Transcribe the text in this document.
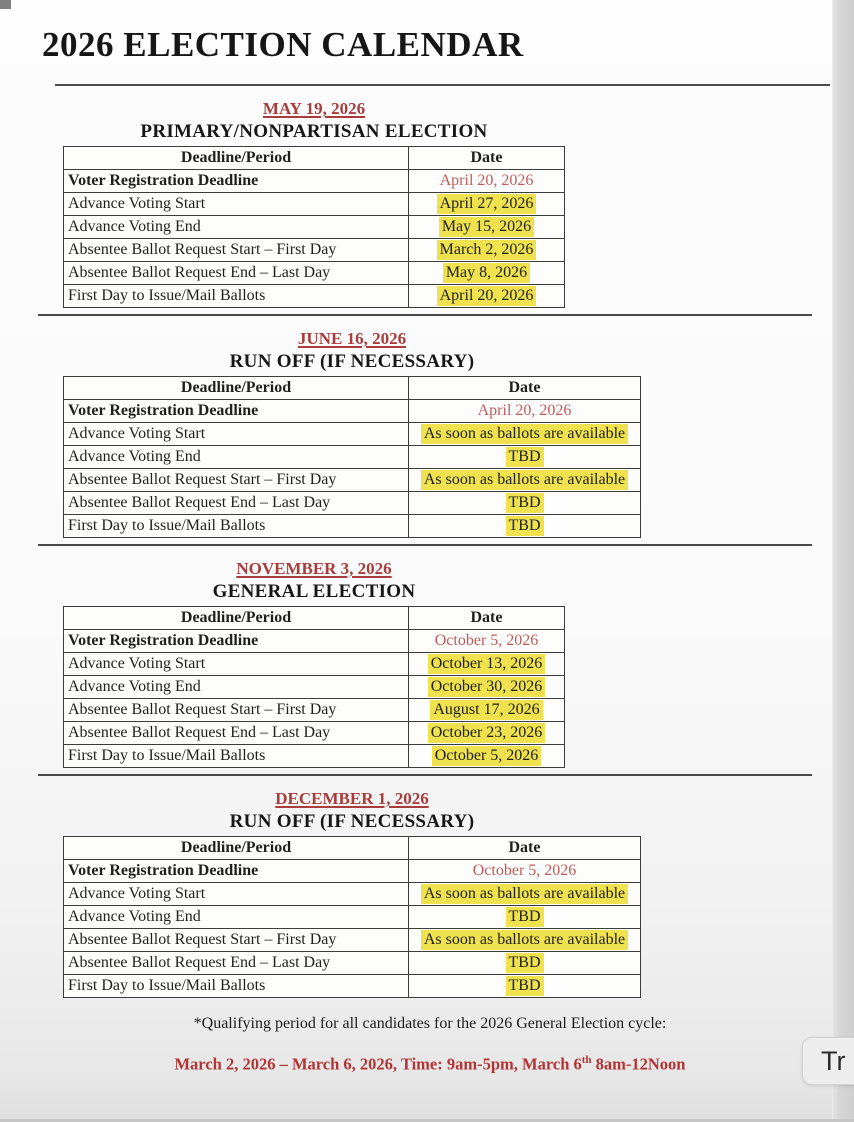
2026 ELECTION CALENDAR
MAY 19, 2026
PRIMARY/NONPARTISAN ELECTION
Deadline/Period	Date
Voter Registration Deadline	April 20, 2026
Advance Voting Start	April 27, 2026
Advance Voting End	May 15, 2026
Absentee Ballot Request Start – First Day	March 2, 2026
Absentee Ballot Request End – Last Day	May 8, 2026
First Day to Issue/Mail Ballots	April 20, 2026
JUNE 16, 2026
RUN OFF (IF NECESSARY)
Deadline/Period	Date
Voter Registration Deadline	April 20, 2026
Advance Voting Start	As soon as ballots are available
Advance Voting End	TBD
Absentee Ballot Request Start – First Day	As soon as ballots are available
Absentee Ballot Request End – Last Day	TBD
First Day to Issue/Mail Ballots	TBD
NOVEMBER 3, 2026
GENERAL ELECTION
Deadline/Period	Date
Voter Registration Deadline	October 5, 2026
Advance Voting Start	October 13, 2026
Advance Voting End	October 30, 2026
Absentee Ballot Request Start – First Day	August 17, 2026
Absentee Ballot Request End – Last Day	October 23, 2026
First Day to Issue/Mail Ballots	October 5, 2026
DECEMBER 1, 2026
RUN OFF (IF NECESSARY)
Deadline/Period	Date
Voter Registration Deadline	October 5, 2026
Advance Voting Start	As soon as ballots are available
Advance Voting End	TBD
Absentee Ballot Request Start – First Day	As soon as ballots are available
Absentee Ballot Request End – Last Day	TBD
First Day to Issue/Mail Ballots	TBD
*Qualifying period for all candidates for the 2026 General Election cycle:
March 2, 2026 – March 6, 2026, Time: 9am-5pm, March 6th 8am-12Noon	Tr
